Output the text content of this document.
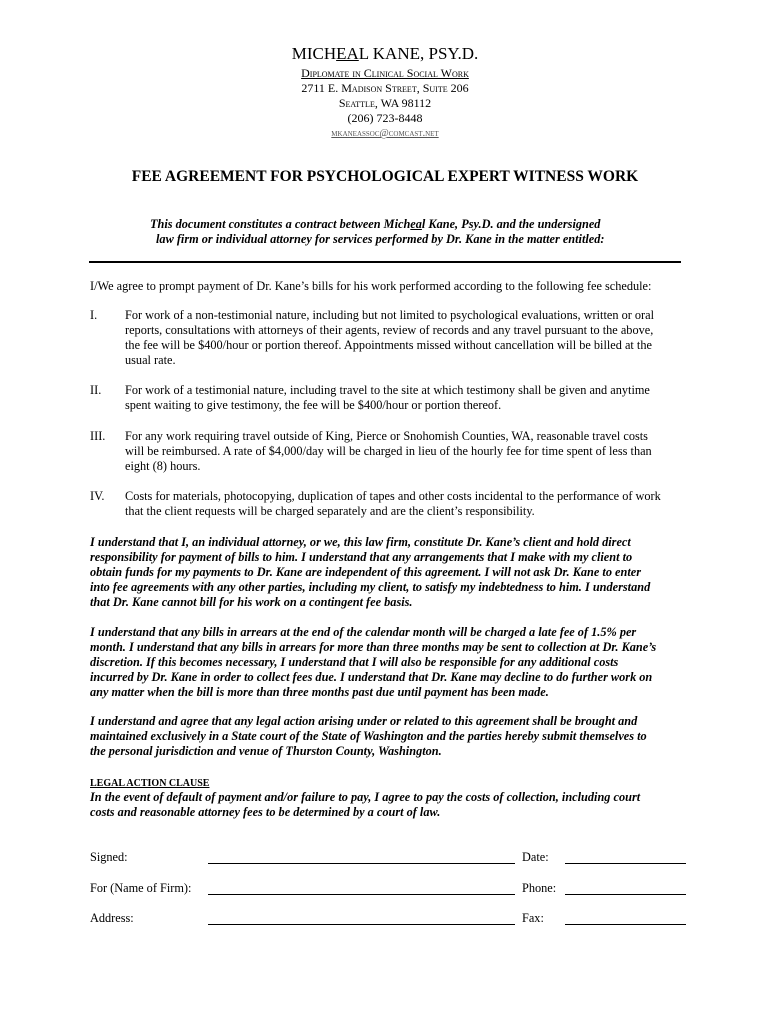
MICHEAL KANE, PSY.D.
Diplomate in Clinical Social Work
2711 E. Madison Street, Suite 206
Seattle, WA 98112
(206) 723-8448
mkaneassoc@comcast.net
FEE AGREEMENT FOR PSYCHOLOGICAL EXPERT WITNESS WORK
This document constitutes a contract between Micheal Kane, Psy.D. and the undersigned
law firm or individual attorney for services performed by Dr. Kane in the matter entitled:
I/We agree to prompt payment of Dr. Kane’s bills for his work performed according to the following fee schedule:
I. For work of a non-testimonial nature, including but not limited to psychological evaluations, written or oral
reports, consultations with attorneys of their agents, review of records and any travel pursuant to the above,
the fee will be $400/hour or portion thereof. Appointments missed without cancellation will be billed at the
usual rate.
II. For work of a testimonial nature, including travel to the site at which testimony shall be given and anytime
spent waiting to give testimony, the fee will be $400/hour or portion thereof.
III. For any work requiring travel outside of King, Pierce or Snohomish Counties, WA, reasonable travel costs
will be reimbursed. A rate of $4,000/day will be charged in lieu of the hourly fee for time spent of less than
eight (8) hours.
IV. Costs for materials, photocopying, duplication of tapes and other costs incidental to the performance of work
that the client requests will be charged separately and are the client’s responsibility.
I understand that I, an individual attorney, or we, this law firm, constitute Dr. Kane’s client and hold direct
responsibility for payment of bills to him. I understand that any arrangements that I make with my client to
obtain funds for my payments to Dr. Kane are independent of this agreement. I will not ask Dr. Kane to enter
into fee agreements with any other parties, including my client, to satisfy my indebtedness to him. I understand
that Dr. Kane cannot bill for his work on a contingent fee basis.
I understand that any bills in arrears at the end of the calendar month will be charged a late fee of 1.5% per
month. I understand that any bills in arrears for more than three months may be sent to collection at Dr. Kane’s
discretion. If this becomes necessary, I understand that I will also be responsible for any additional costs
incurred by Dr. Kane in order to collect fees due. I understand that Dr. Kane may decline to do further work on
any matter when the bill is more than three months past due until payment has been made.
I understand and agree that any legal action arising under or related to this agreement shall be brought and
maintained exclusively in a State court of the State of Washington and the parties hereby submit themselves to
the personal jurisdiction and venue of Thurston County, Washington.
LEGAL ACTION CLAUSE
In the event of default of payment and/or failure to pay, I agree to pay the costs of collection, including court
costs and reasonable attorney fees to be determined by a court of law.
Signed:	Date:
For (Name of Firm):	Phone:
Address:	Fax:
